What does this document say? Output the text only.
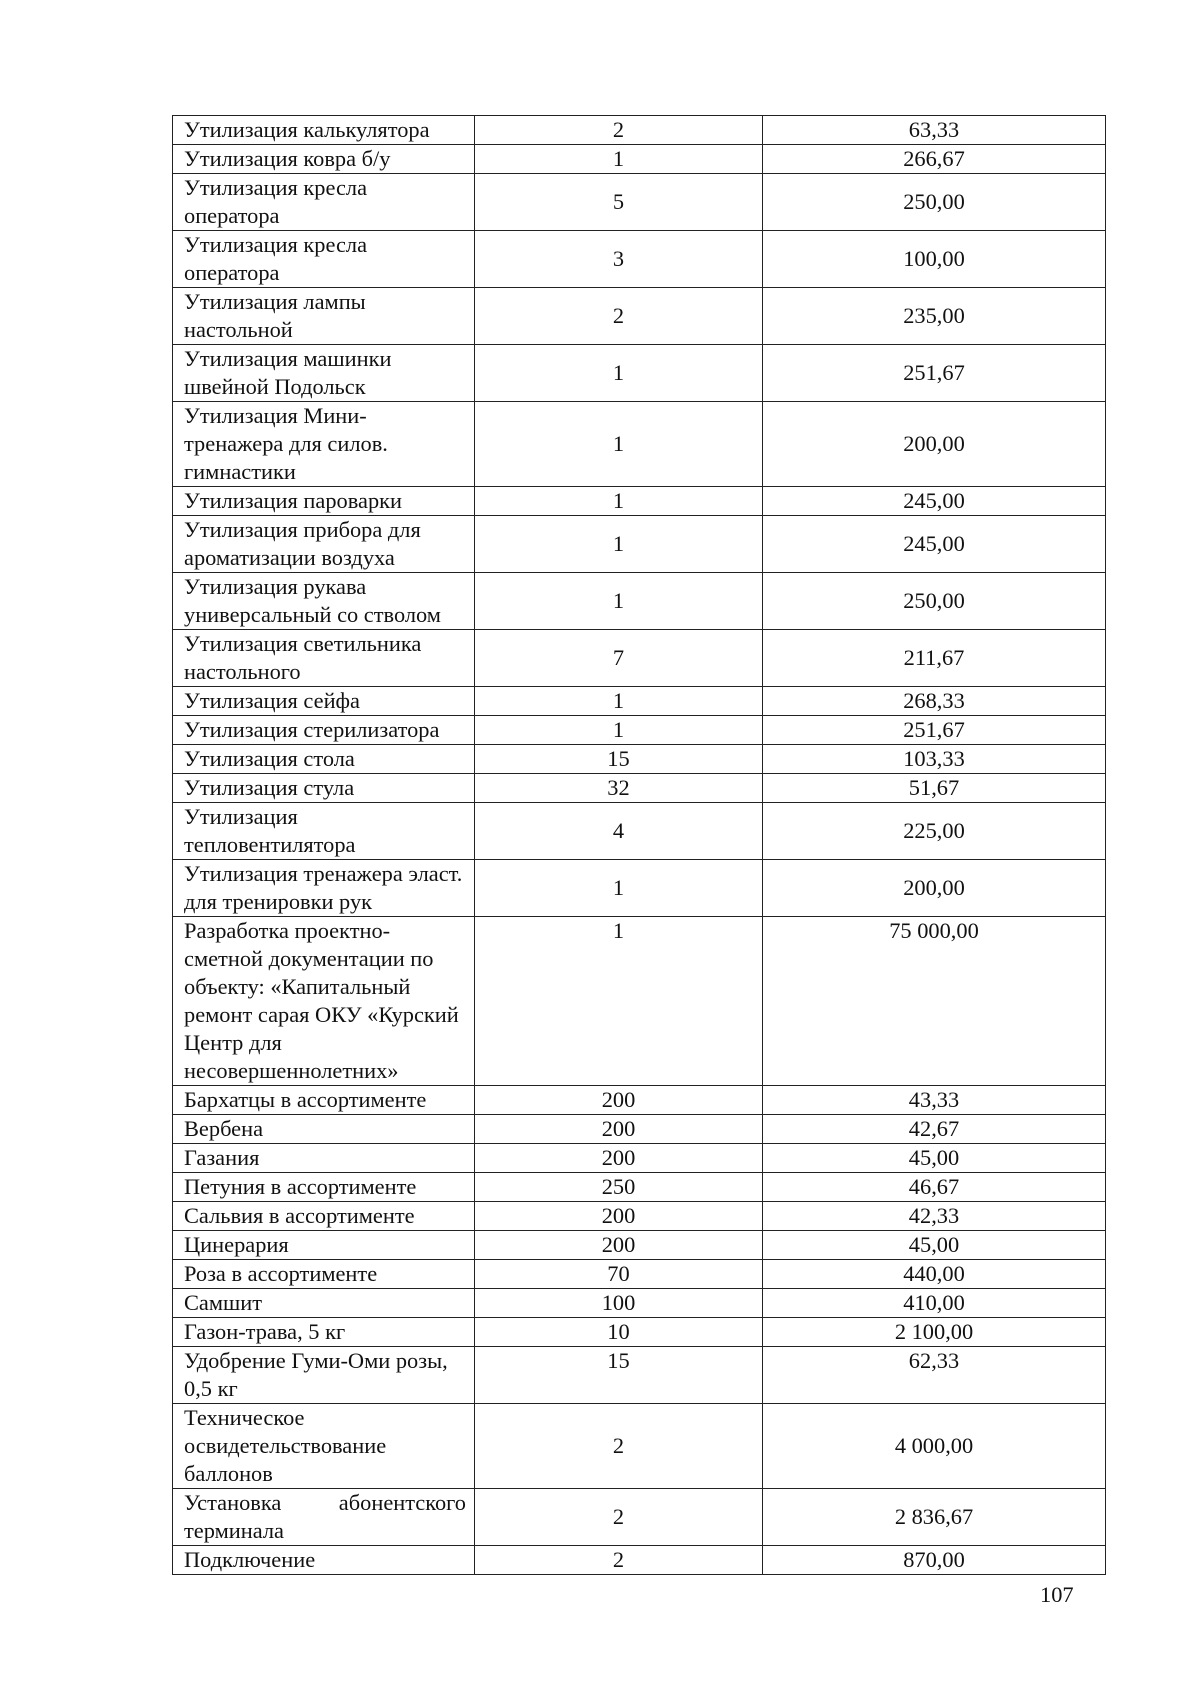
Утилизация калькулятора	2	63,33
Утилизация ковра б/у	1	266,67
Утилизация кресла оператора	5	250,00
Утилизация кресла оператора	3	100,00
Утилизация лампы настольной	2	235,00
Утилизация машинки швейной Подольск	1	251,67
Утилизация Мини-тренажера для силов. гимнастики	1	200,00
Утилизация пароварки	1	245,00
Утилизация прибора для ароматизации воздуха	1	245,00
Утилизация рукава универсальный со стволом	1	250,00
Утилизация светильника настольного	7	211,67
Утилизация сейфа	1	268,33
Утилизация стерилизатора	1	251,67
Утилизация стола	15	103,33
Утилизация стула	32	51,67
Утилизация тепловентилятора	4	225,00
Утилизация тренажера эласт. для тренировки рук	1	200,00
Разработка проектно-сметной документации по объекту: «Капитальный ремонт сарая ОКУ «Курский Центр для несовершеннолетних»	1	75 000,00
Бархатцы в ассортименте	200	43,33
Вербена	200	42,67
Газания	200	45,00
Петуния в ассортименте	250	46,67
Сальвия в ассортименте	200	42,33
Цинерария	200	45,00
Роза в ассортименте	70	440,00
Самшит	100	410,00
Газон-трава, 5 кг	10	2 100,00
Удобрение Гуми-Оми розы, 0,5 кг	15	62,33
Техническое освидетельствование баллонов	2	4 000,00
Установка абонентского терминала	2	2 836,67
Подключение	2	870,00
107
